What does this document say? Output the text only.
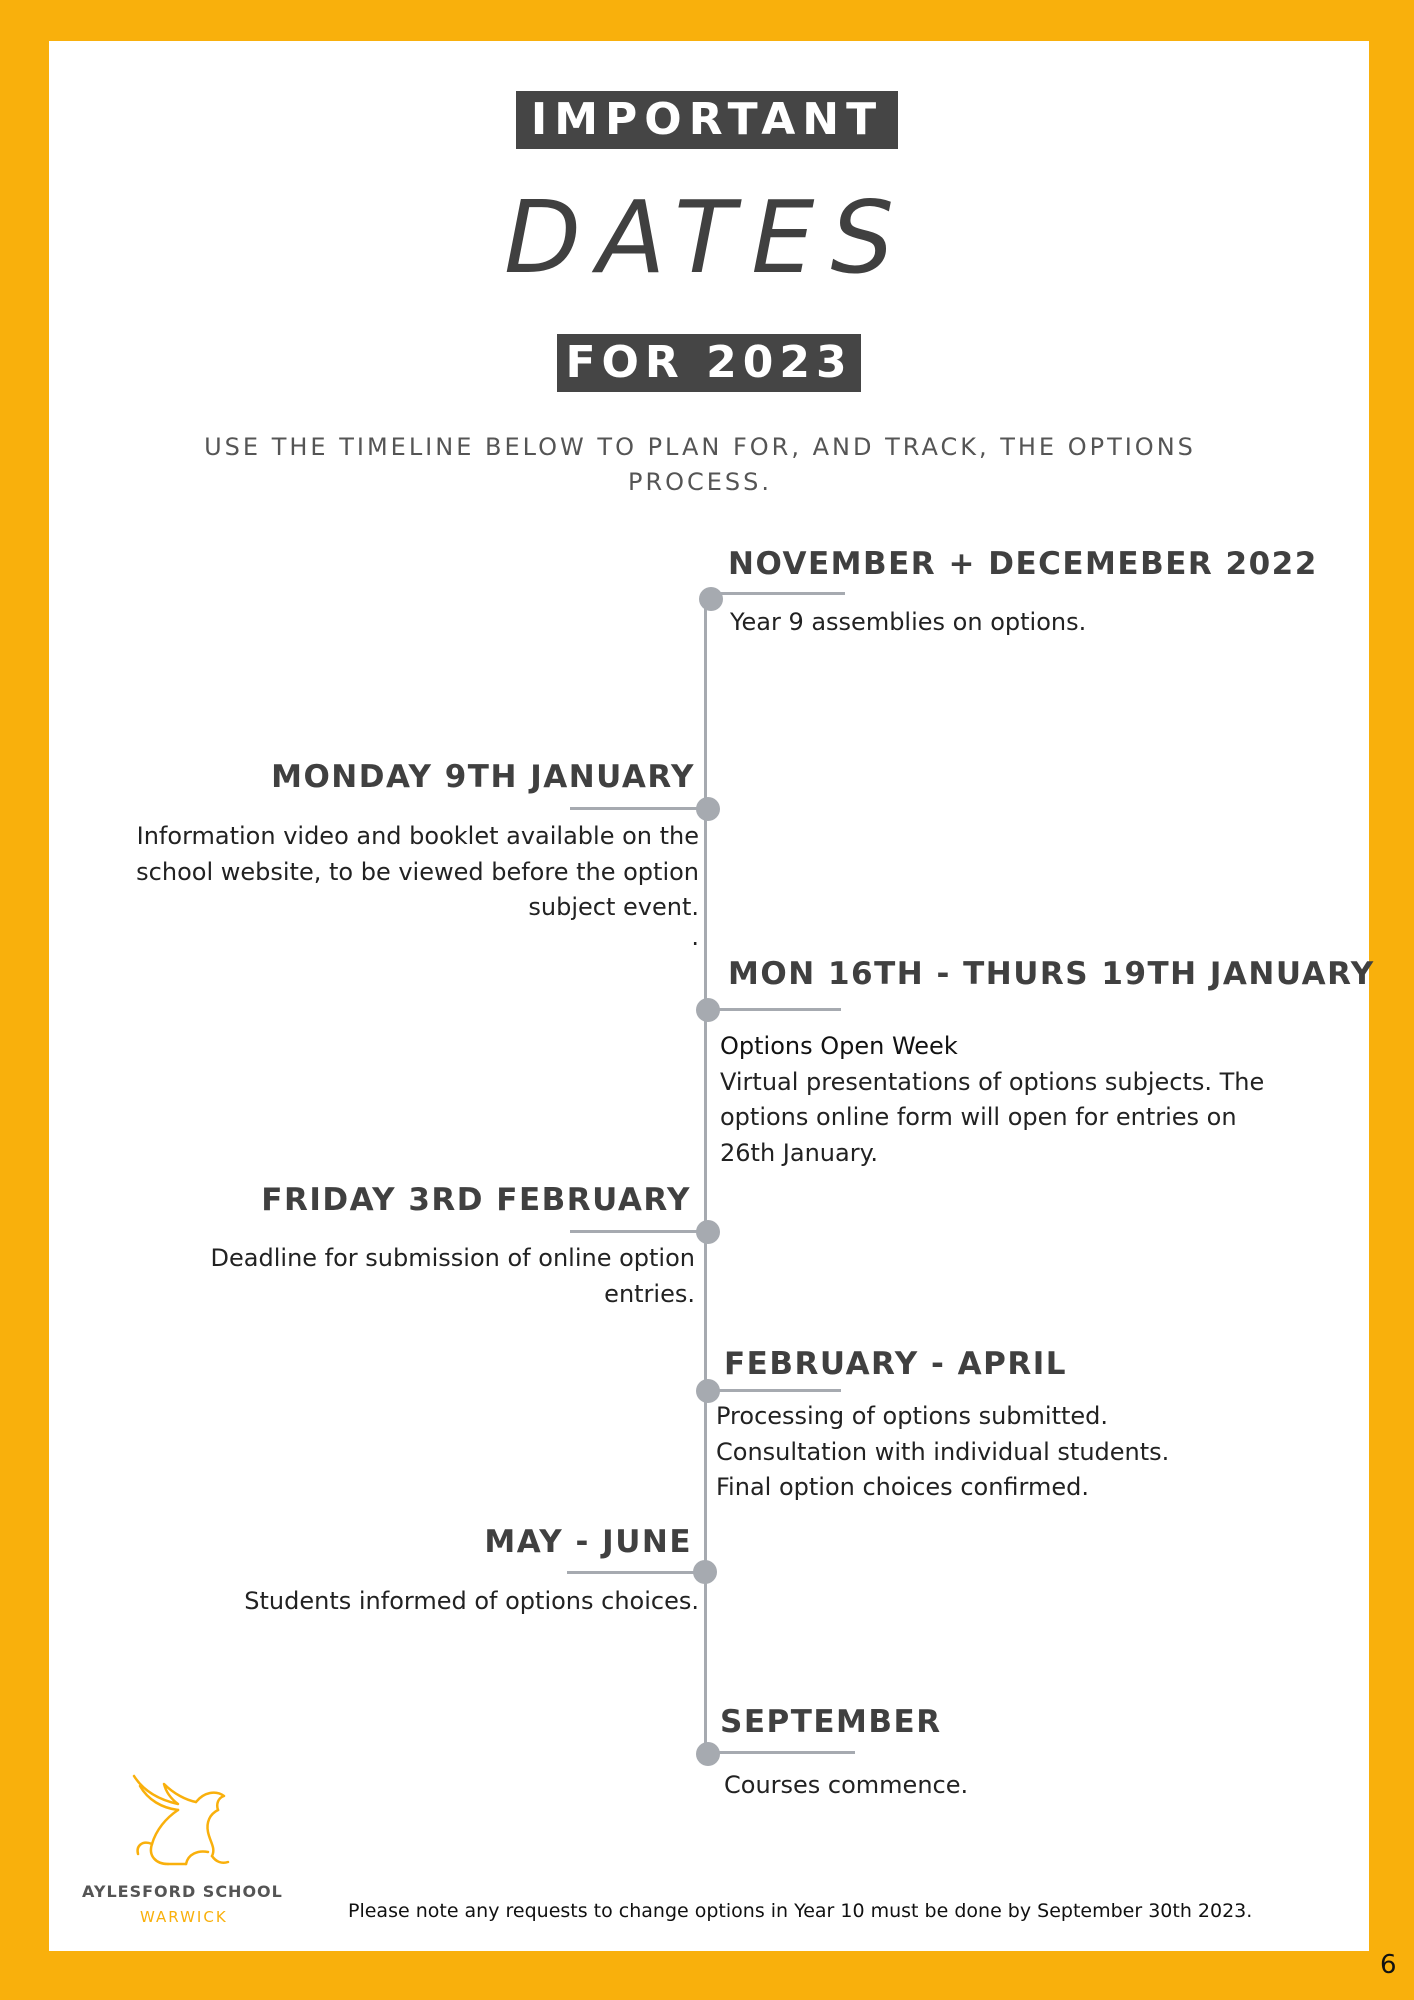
IMPORTANT
DATES
FOR 2023
USE THE TIMELINE BELOW TO PLAN FOR, AND TRACK, THE OPTIONS PROCESS.
NOVEMBER + DECEMEBER 2022
Year 9 assemblies on options.
MONDAY 9TH JANUARY
Information video and booklet available on the
school website, to be viewed before the option
subject event.
.
MON 16TH - THURS 19TH JANUARY
Options Open Week
Virtual presentations of options subjects. The
options online form will open for entries on
26th January.
FRIDAY 3RD FEBRUARY
Deadline for submission of online option
entries.
FEBRUARY - APRIL
Processing of options submitted.
Consultation with individual students.
Final option choices confirmed.
MAY - JUNE
Students informed of options choices.
SEPTEMBER
Courses commence.
AYLESFORD SCHOOL
WARWICK	Please note any requests to change options in Year 10 must be done by September 30th 2023.
6
